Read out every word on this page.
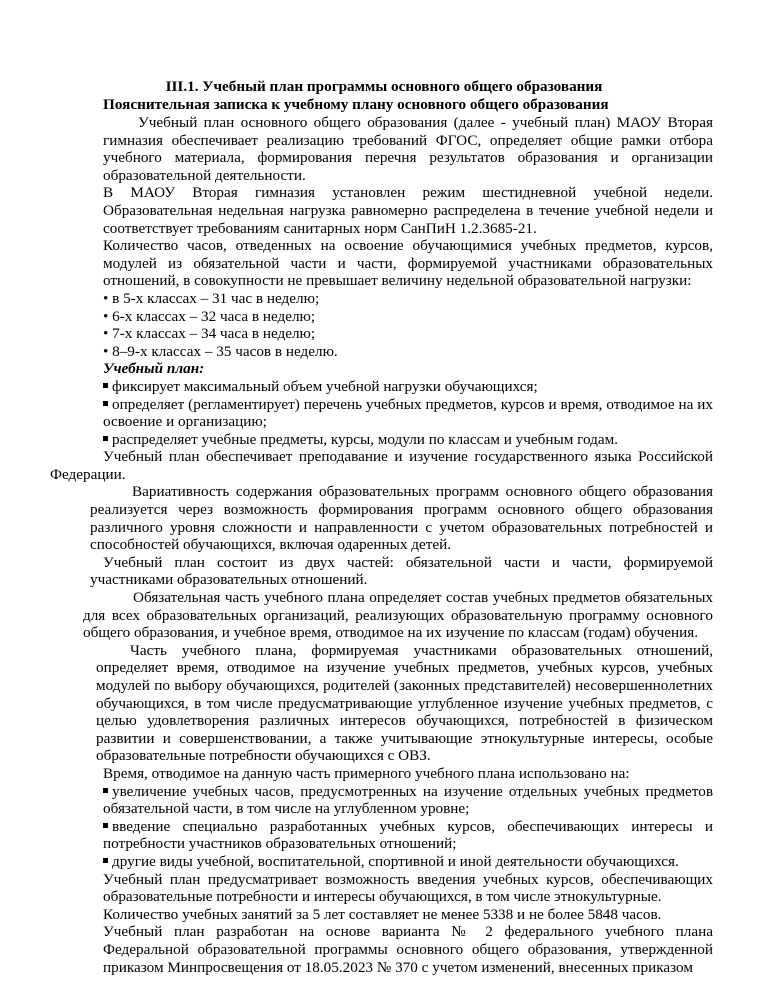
III.1. Учебный план программы основного общего образования
Пояснительная записка к учебному плану основного общего образования

Учебный план основного общего образования (далее - учебный план) МАОУ Вторая гимназия обеспечивает реализацию требований ФГОС, определяет общие рамки отбора учебного материала, формирования перечня результатов образования и организации образовательной деятельности.

В МАОУ Вторая гимназия установлен режим шестидневной учебной недели. Образовательная недельная нагрузка равномерно распределена в течение учебной недели и соответствует требованиям санитарных норм СанПиН 1.2.3685-21.

Количество часов, отведенных на освоение обучающимися учебных предметов, курсов, модулей из обязательной части и части, формируемой участниками образовательных отношений, в совокупности не превышает величину недельной образовательной нагрузки:

• в 5-х классах – 31 час в неделю;
• 6-х классах – 32 часа в неделю;
• 7-х классах – 34 часа в неделю;
• 8–9-х классах – 35 часов в неделю.

Учебный план:

фиксирует максимальный объем учебной нагрузки обучающихся;
определяет (регламентирует) перечень учебных предметов, курсов и время, отводимое на их освоение и организацию;
распределяет учебные предметы, курсы, модули по классам и учебным годам.

Учебный план обеспечивает преподавание и изучение государственного языка Российской Федерации.

Вариативность содержания образовательных программ основного общего образования реализуется через возможность формирования программ основного общего образования различного уровня сложности и направленности с учетом образовательных потребностей и способностей обучающихся, включая одаренных детей.

Учебный план состоит из двух частей: обязательной части и части, формируемой участниками образовательных отношений.

Обязательная часть учебного плана определяет состав учебных предметов обязательных для всех образовательных организаций, реализующих образовательную программу основного общего образования, и учебное время, отводимое на их изучение по классам (годам) обучения.

Часть учебного плана, формируемая участниками образовательных отношений, определяет время, отводимое на изучение учебных предметов, учебных курсов, учебных модулей по выбору обучающихся, родителей (законных представителей) несовершеннолетних обучающихся, в том числе предусматривающие углубленное изучение учебных предметов, с целью удовлетворения различных интересов обучающихся, потребностей в физическом развитии и совершенствовании, а также учитывающие этнокультурные интересы, особые образовательные потребности обучающихся с ОВЗ.

Время, отводимое на данную часть примерного учебного плана использовано на:

увеличение учебных часов, предусмотренных на изучение отдельных учебных предметов обязательной части, в том числе на углубленном уровне;
введение специально разработанных учебных курсов, обеспечивающих интересы и потребности участников образовательных отношений;
другие виды учебной, воспитательной, спортивной и иной деятельности обучающихся.

Учебный план предусматривает возможность введения учебных курсов, обеспечивающих образовательные потребности и интересы обучающихся, в том числе этнокультурные.

Количество учебных занятий за 5 лет составляет не менее 5338 и не более 5848 часов.

Учебный план разработан на основе варианта № 2 федерального учебного плана Федеральной образовательной программы основного общего образования, утвержденной приказом Минпросвещения от 18.05.2023 № 370 с учетом изменений, внесенных приказом
